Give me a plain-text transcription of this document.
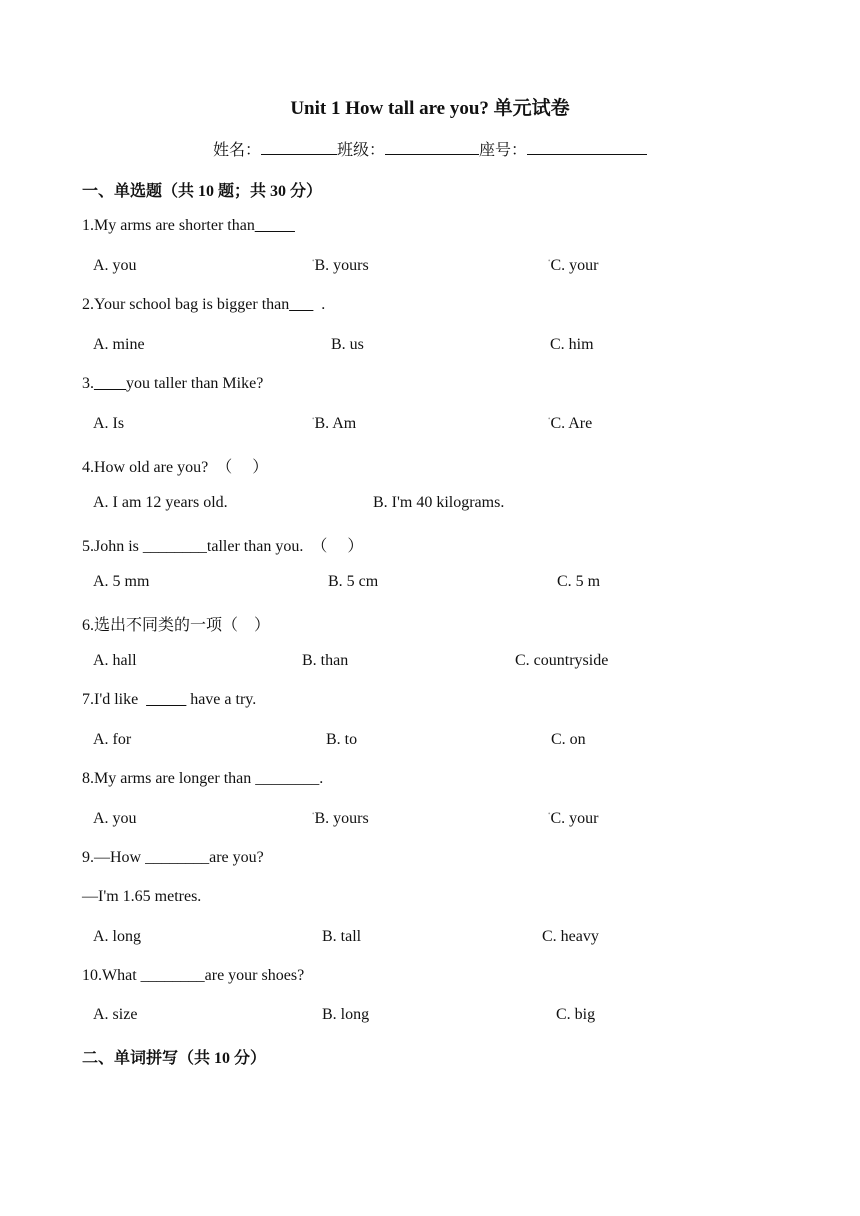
Unit 1 How tall are you? 单元试卷
姓名：	班级：	座号：
一、单选题（共 10 题；共 30 分）
1.My arms are shorter than_____
A. you	•B. yours	•C. your
2.Your school bag is bigger than___  .
A. mine	B. us	C. him
3.____you taller than Mike?
A. Is	•B. Am	•C. Are
4.How old are you?  （     ）
A. I am 12 years old.	B. I'm 40 kilograms.
5.John is ________taller than you.  （     ）
A. 5 mm	B. 5 cm	C. 5 m
6.选出不同类的一项（    ）
A. hall	B. than	C. countryside
7.I'd like  _____ have a try.
A. for	B. to	C. on
8.My arms are longer than ________.
A. you	•B. yours	•C. your
9.—How ________are you?
—I'm 1.65 metres.
A. long	B. tall	C. heavy
10.What ________are your shoes?
A. size	B. long	C. big
二、单词拼写（共 10 分）
